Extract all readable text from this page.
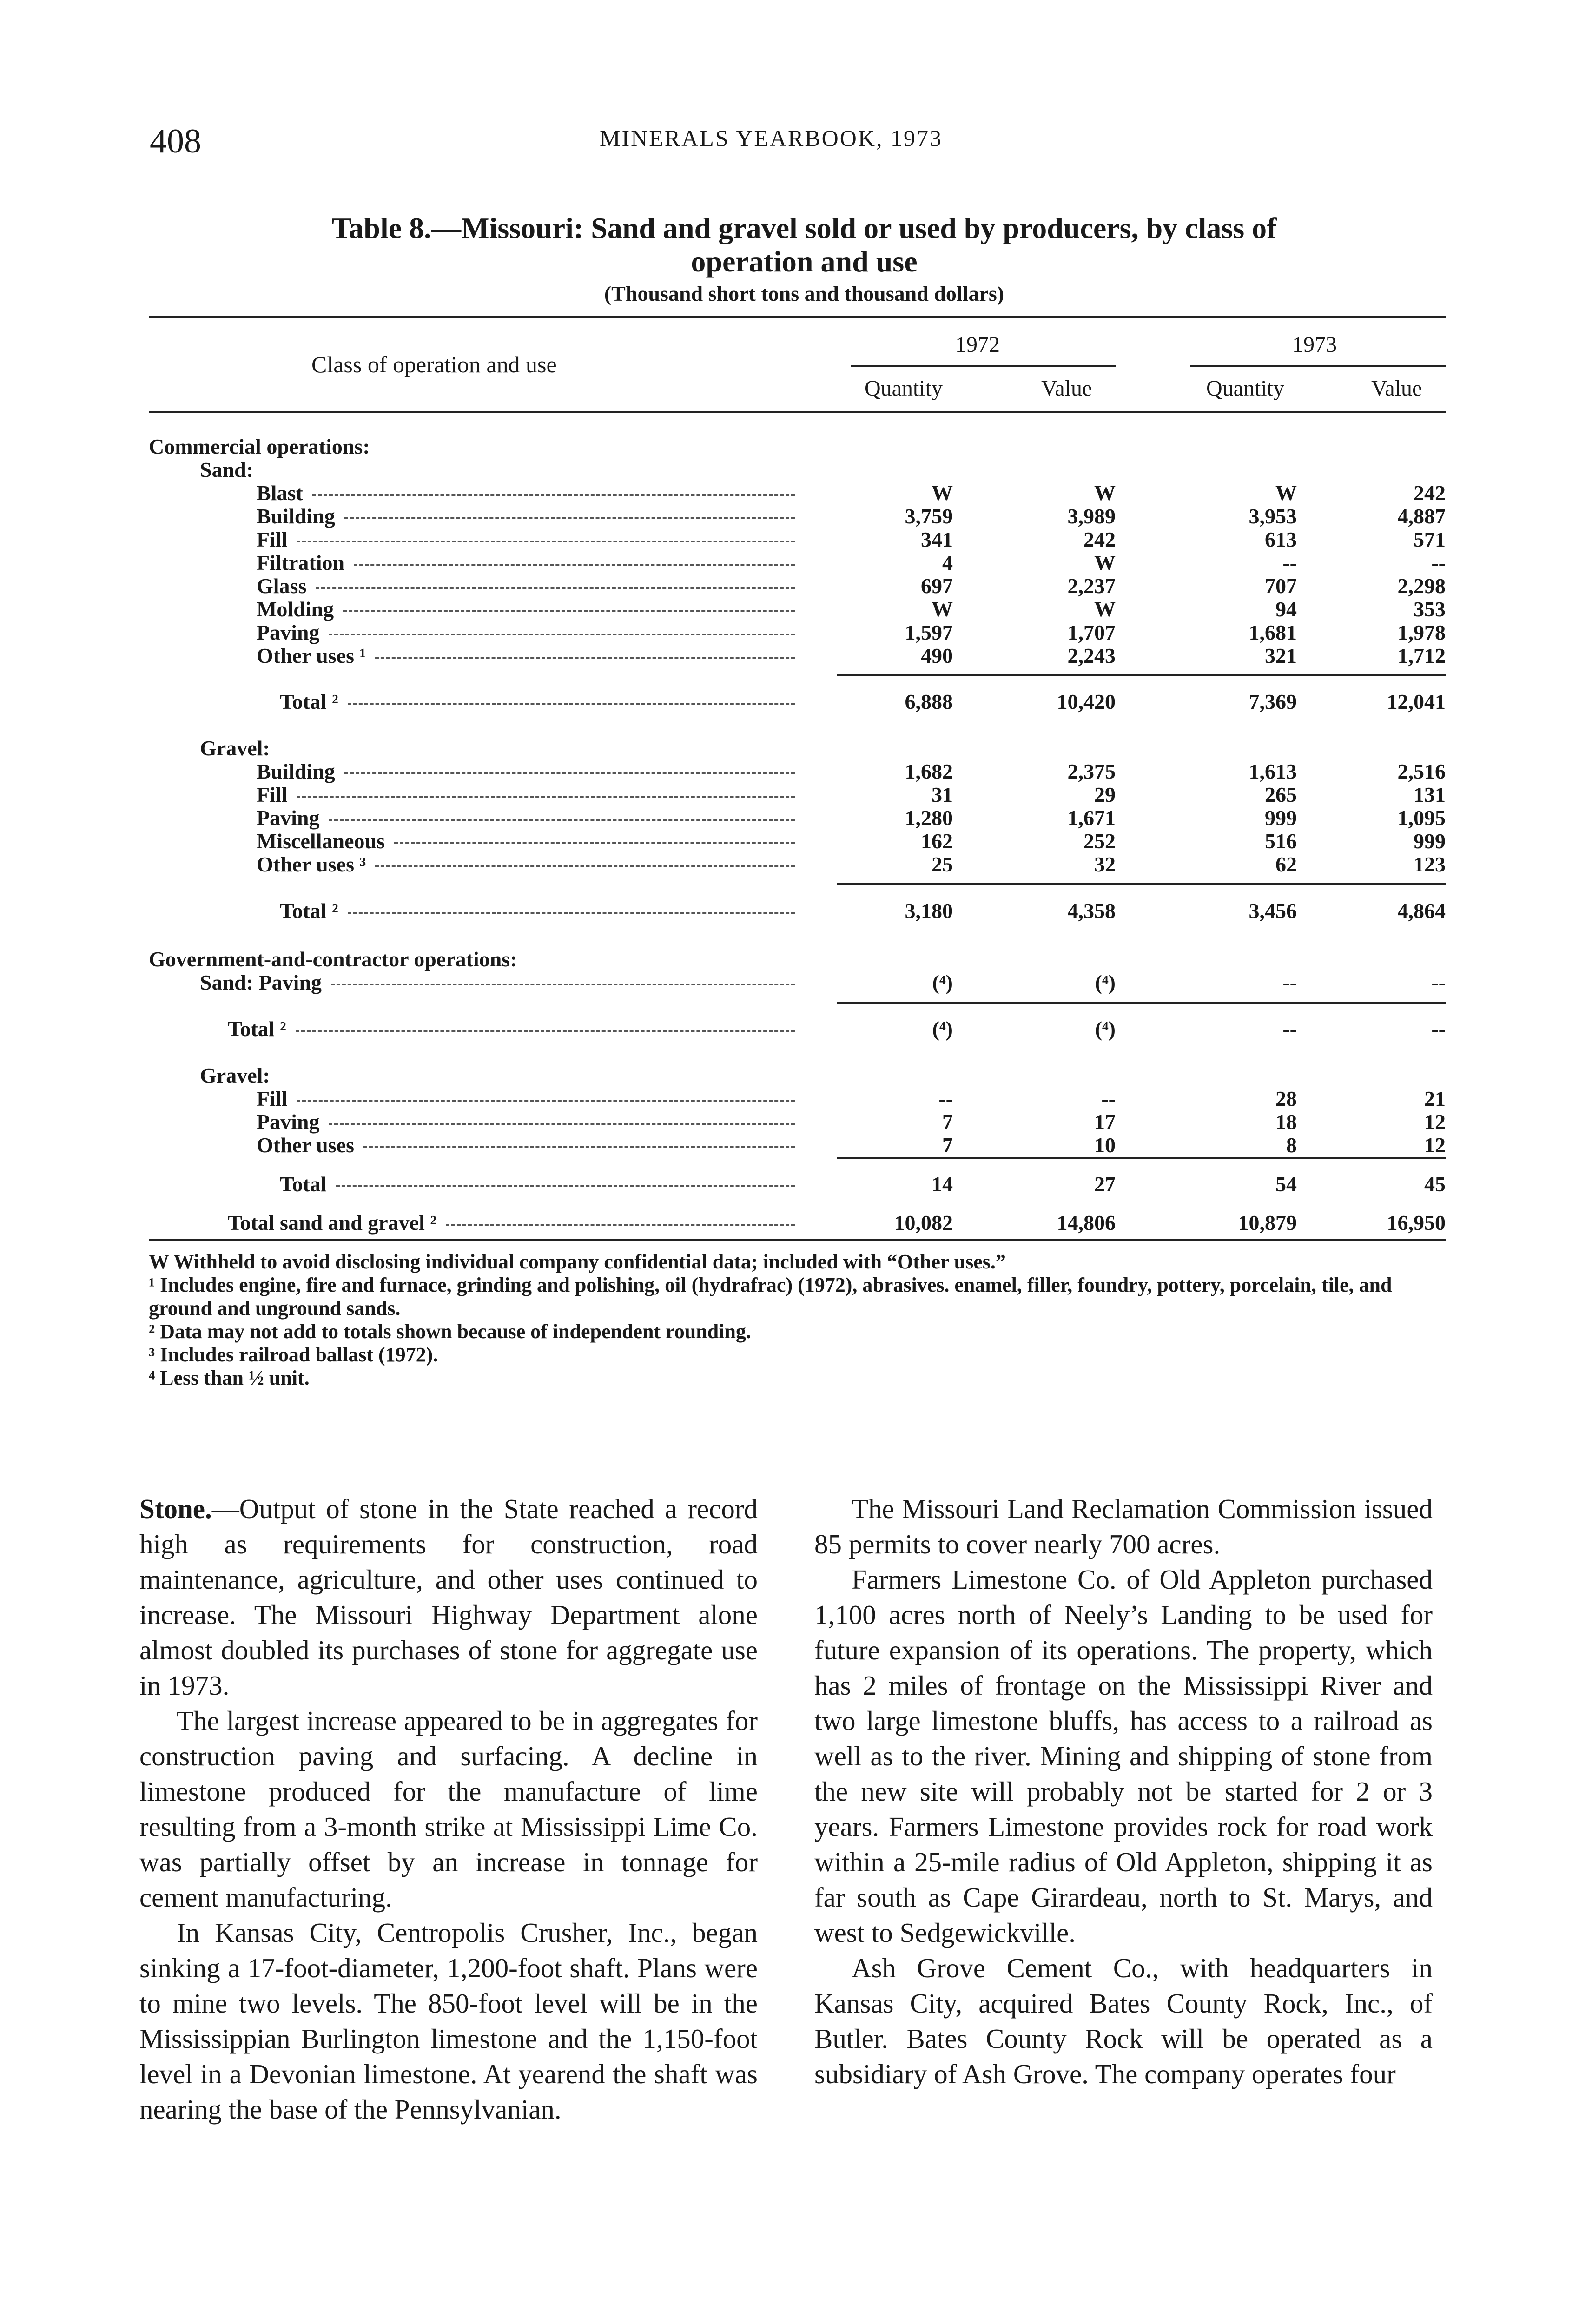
408	MINERALS YEARBOOK, 1973
Table 8.—Missouri: Sand and gravel sold or used by producers, by class of
operation and use
(Thousand short tons and thousand dollars)
Class of operation and use
1972	1973
Quantity	Value	Quantity	Value
Commercial operations:
Sand:
Blast	W	W	W	242
Building	3,759	3,989	3,953	4,887
Fill	341	242	613	571
Filtration	4	W	--	--
Glass	697	2,237	707	2,298
Molding	W	W	94	353
Paving	1,597	1,707	1,681	1,978
Other uses ¹	490	2,243	321	1,712
Total ²	6,888	10,420	7,369	12,041
Gravel:
Building	1,682	2,375	1,613	2,516
Fill	31	29	265	131
Paving	1,280	1,671	999	1,095
Miscellaneous	162	252	516	999
Other uses ³	25	32	62	123
Total ²	3,180	4,358	3,456	4,864
Government-and-contractor operations:
Sand: Paving	(⁴)	(⁴)	--	--
Total ²	(⁴)	(⁴)	--	--
Gravel:
Fill	--	--	28	21
Paving	7	17	18	12
Other uses	7	10	8	12
Total	14	27	54	45
Total sand and gravel ²	10,082	14,806	10,879	16,950

W Withheld to avoid disclosing individual company confidential data; included with “Other uses.”

¹ Includes engine, fire and furnace, grinding and polishing, oil (hydrafrac) (1972), abrasives. enamel, filler, foundry, pottery, porcelain, tile, and ground and unground sands.

² Data may not add to totals shown because of independent rounding.

³ Includes railroad ballast (1972).

⁴ Less than ½ unit.

Stone.—Output of stone in the State reached a record high as requirements for construction, road maintenance, agriculture, and other uses continued to increase. The Missouri Highway Department alone almost doubled its purchases of stone for aggregate use in 1973.

The largest increase appeared to be in aggregates for construction paving and surfacing. A decline in limestone produced for the manufacture of lime resulting from a 3-month strike at Mississippi Lime Co. was partially offset by an increase in tonnage for cement manufacturing.

In Kansas City, Centropolis Crusher, Inc., began sinking a 17-foot-diameter, 1,200-foot shaft. Plans were to mine two levels. The 850-foot level will be in the Mississippian Burlington limestone and the 1,150-foot level in a Devonian limestone. At yearend the shaft was nearing the base of the Pennsylvanian.

The Missouri Land Reclamation Commission issued 85 permits to cover nearly 700 acres.

Farmers Limestone Co. of Old Appleton purchased 1,100 acres north of Neely’s Landing to be used for future expansion of its operations. The property, which has 2 miles of frontage on the Mississippi River and two large limestone bluffs, has access to a railroad as well as to the river. Mining and shipping of stone from the new site will probably not be started for 2 or 3 years. Farmers Limestone provides rock for road work within a 25-mile radius of Old Appleton, shipping it as far south as Cape Girardeau, north to St. Marys, and west to Sedgewickville.

Ash Grove Cement Co., with headquarters in Kansas City, acquired Bates County Rock, Inc., of Butler. Bates County Rock will be operated as a subsidiary of Ash Grove. The company operates four
